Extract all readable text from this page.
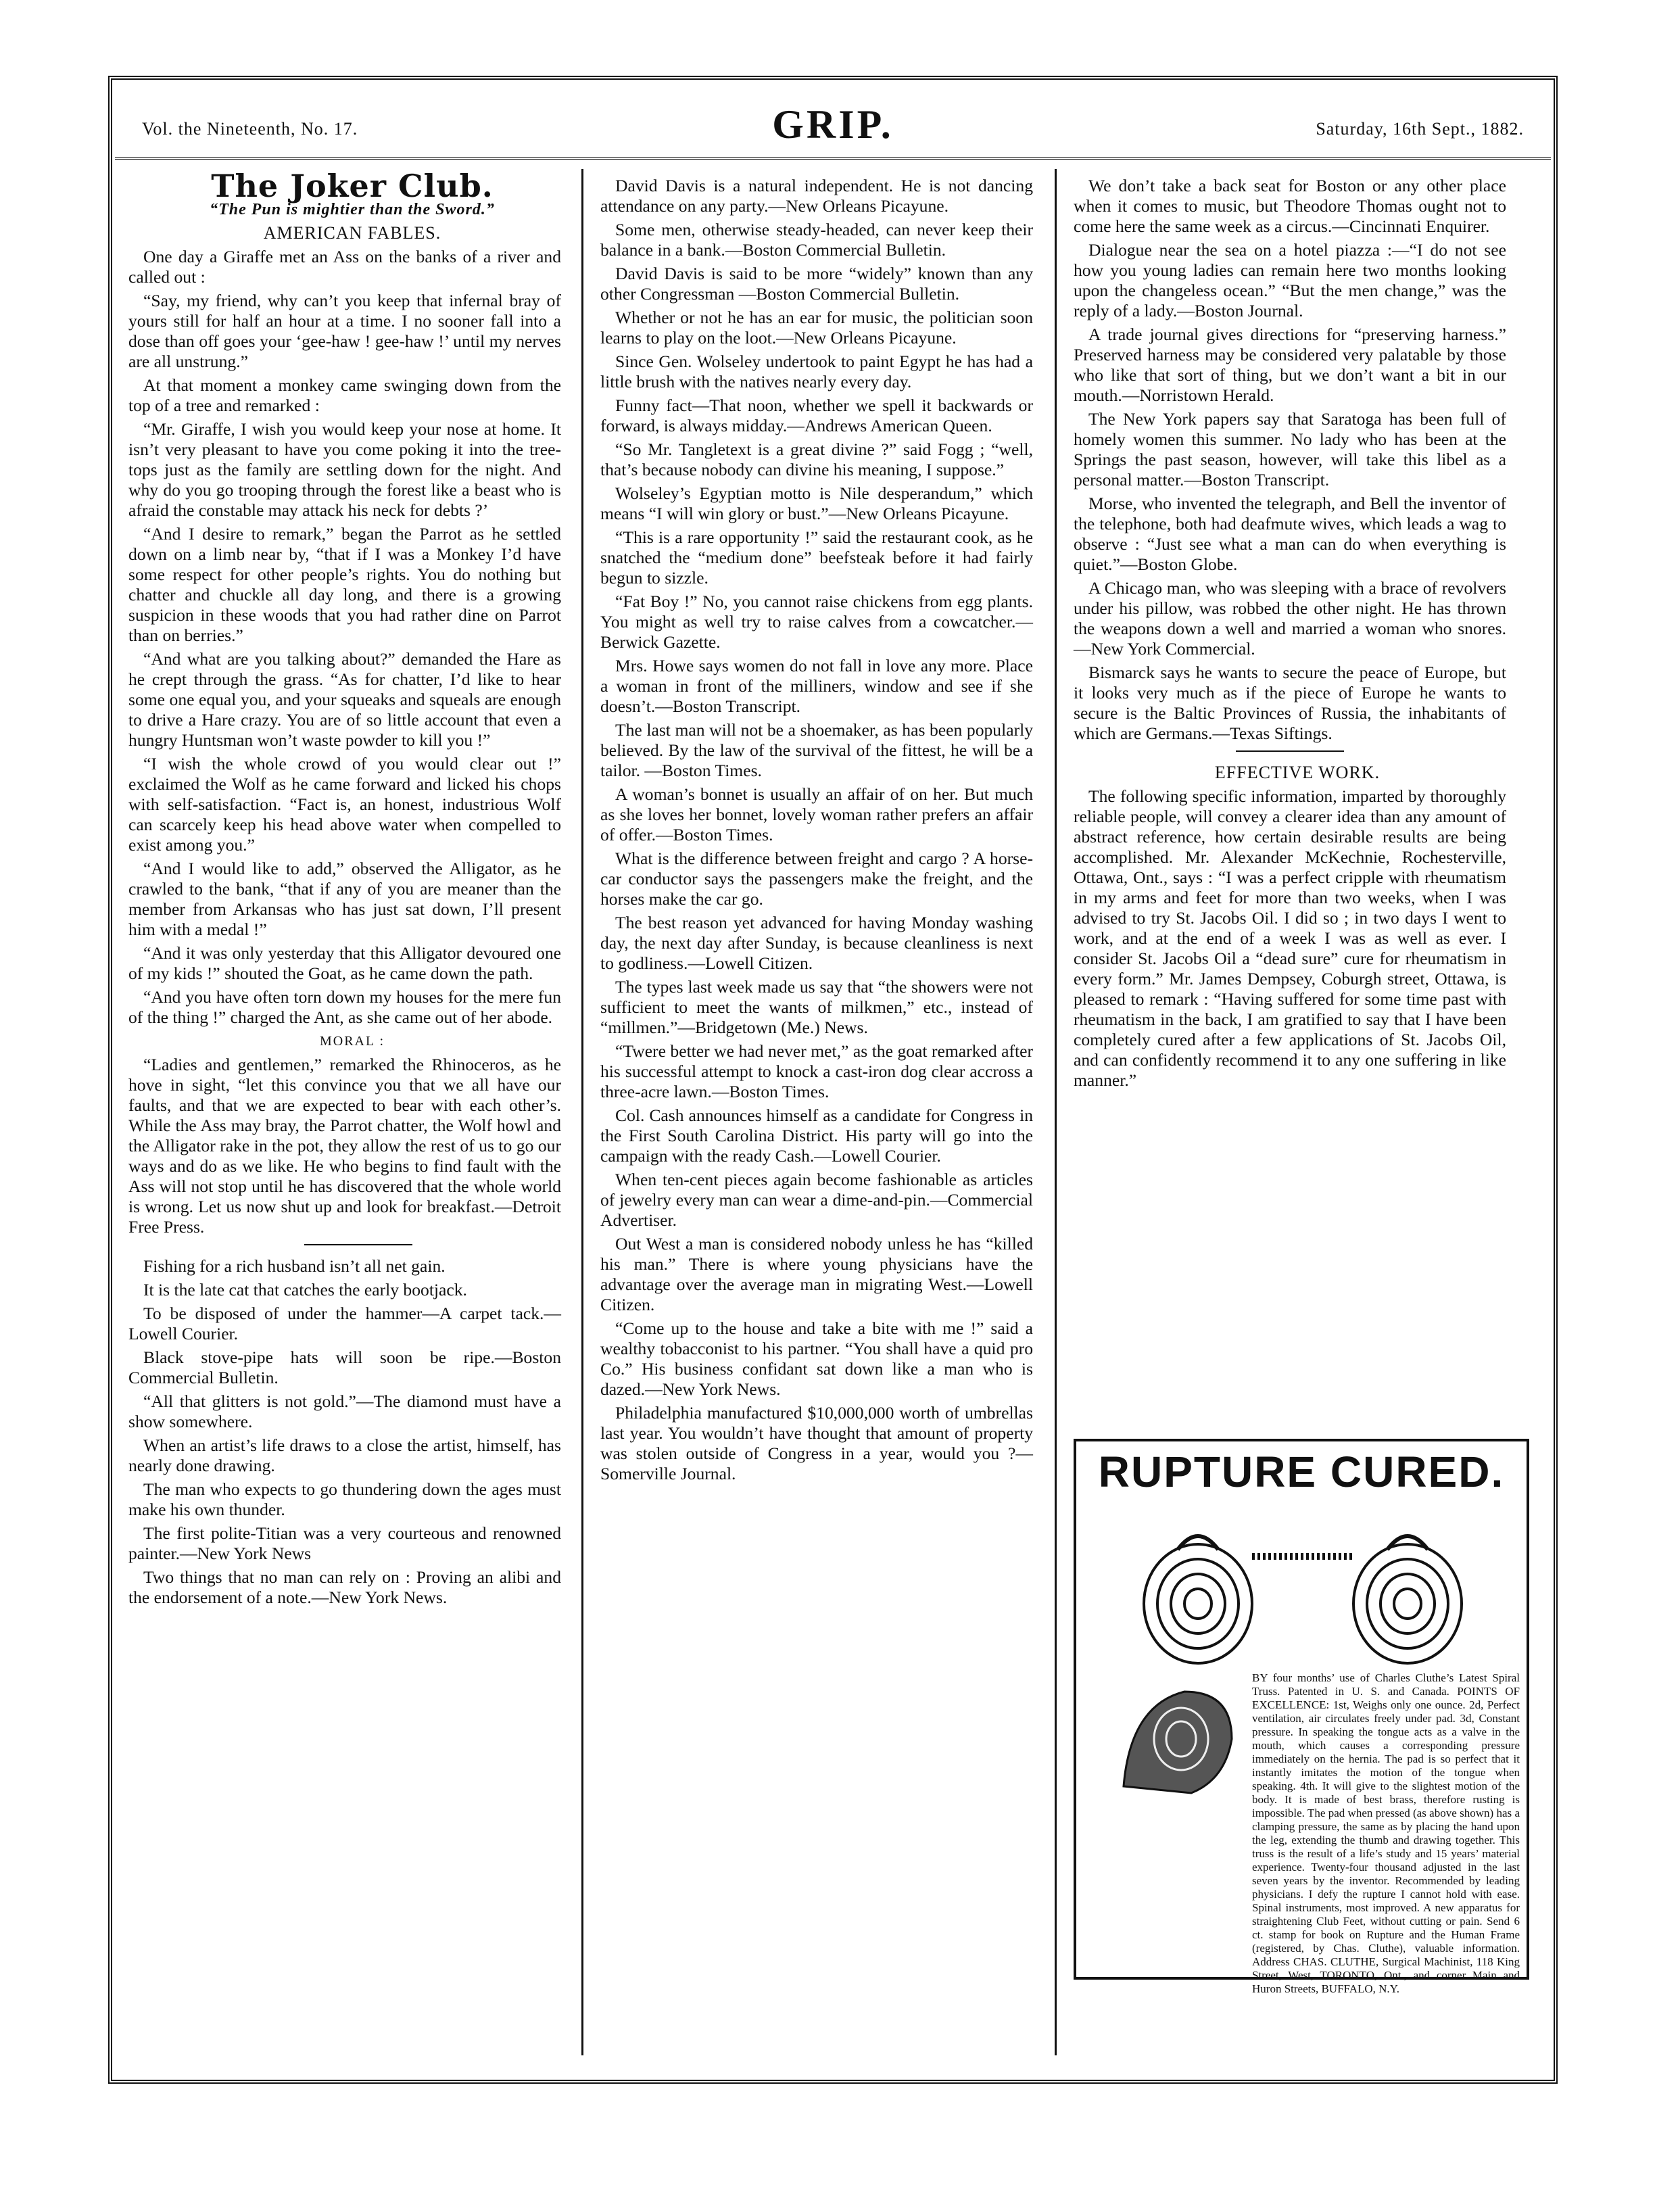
Vol. the Nineteenth, No. 17.	GRIP.	Saturday, 16th Sept., 1882.

The Joker Club.

“The Pun is mightier than the Sword.”

AMERICAN FABLES.

One day a Giraffe met an Ass on the banks of a river and called out :

“Say, my friend, why can’t you keep that infernal bray of yours still for half an hour at a time. I no sooner fall into a dose than off goes your ‘gee-haw ! gee-haw !’ until my nerves are all unstrung.”

At that moment a monkey came swinging down from the top of a tree and remarked :

“Mr. Giraffe, I wish you would keep your nose at home. It isn’t very pleasant to have you come poking it into the tree-tops just as the family are settling down for the night. And why do you go trooping through the forest like a beast who is afraid the constable may attack his neck for debts ?’

“And I desire to remark,” began the Parrot as he settled down on a limb near by, “that if I was a Monkey I’d have some respect for other people’s rights. You do nothing but chatter and chuckle all day long, and there is a growing suspicion in these woods that you had rather dine on Parrot than on berries.”

“And what are you talking about?” demanded the Hare as he crept through the grass. “As for chatter, I’d like to hear some one equal you, and your squeaks and squeals are enough to drive a Hare crazy. You are of so little account that even a hungry Huntsman won’t waste powder to kill you !”

“I wish the whole crowd of you would clear out !” exclaimed the Wolf as he came forward and licked his chops with self-satisfaction. “Fact is, an honest, industrious Wolf can scarcely keep his head above water when compelled to exist among you.”

“And I would like to add,” observed the Alligator, as he crawled to the bank, “that if any of you are meaner than the member from Arkansas who has just sat down, I’ll present him with a medal !”

“And it was only yesterday that this Alligator devoured one of my kids !” shouted the Goat, as he came down the path.

“And you have often torn down my houses for the mere fun of the thing !” charged the Ant, as she came out of her abode.

MORAL :

“Ladies and gentlemen,” remarked the Rhinoceros, as he hove in sight, “let this convince you that we all have our faults, and that we are expected to bear with each other’s. While the Ass may bray, the Parrot chatter, the Wolf howl and the Alligator rake in the pot, they allow the rest of us to go our ways and do as we like. He who begins to find fault with the Ass will not stop until he has discovered that the whole world is wrong. Let us now shut up and look for breakfast.—Detroit Free Press.

Fishing for a rich husband isn’t all net gain.

It is the late cat that catches the early bootjack.

To be disposed of under the hammer—A carpet tack.—Lowell Courier.

Black stove-pipe hats will soon be ripe.—Boston Commercial Bulletin.

“All that glitters is not gold.”—The diamond must have a show somewhere.

When an artist’s life draws to a close the artist, himself, has nearly done drawing.

The man who expects to go thundering down the ages must make his own thunder.

The first polite-Titian was a very courteous and renowned painter.—New York News

Two things that no man can rely on : Proving an alibi and the endorsement of a note.—New York News.

David Davis is a natural independent. He is not dancing attendance on any party.—New Orleans Picayune.

Some men, otherwise steady-headed, can never keep their balance in a bank.—Boston Commercial Bulletin.

David Davis is said to be more “widely” known than any other Congressman —Boston Commercial Bulletin.

Whether or not he has an ear for music, the politician soon learns to play on the loot.—New Orleans Picayune.

Since Gen. Wolseley undertook to paint Egypt he has had a little brush with the natives nearly every day.

Funny fact—That noon, whether we spell it backwards or forward, is always midday.—Andrews American Queen.

“So Mr. Tangletext is a great divine ?” said Fogg ; “well, that’s because nobody can divine his meaning, I suppose.”

Wolseley’s Egyptian motto is Nile desperandum,” which means “I will win glory or bust.”—New Orleans Picayune.

“This is a rare opportunity !” said the restaurant cook, as he snatched the “medium done” beefsteak before it had fairly begun to sizzle.

“Fat Boy !” No, you cannot raise chickens from egg plants. You might as well try to raise calves from a cowcatcher.—Berwick Gazette.

Mrs. Howe says women do not fall in love any more. Place a woman in front of the milliners, window and see if she doesn’t.—Boston Transcript.

The last man will not be a shoemaker, as has been popularly believed. By the law of the survival of the fittest, he will be a tailor. —Boston Times.

A woman’s bonnet is usually an affair of on her. But much as she loves her bonnet, lovely woman rather prefers an affair of offer.—Boston Times.

What is the difference between freight and cargo ? A horse-car conductor says the passengers make the freight, and the horses make the car go.

The best reason yet advanced for having Monday washing day, the next day after Sunday, is because cleanliness is next to godliness.—Lowell Citizen.

The types last week made us say that “the showers were not sufficient to meet the wants of milkmen,” etc., instead of “millmen.”—Bridgetown (Me.) News.

“Twere better we had never met,” as the goat remarked after his successful attempt to knock a cast-iron dog clear accross a three-acre lawn.—Boston Times.

Col. Cash announces himself as a candidate for Congress in the First South Carolina District. His party will go into the campaign with the ready Cash.—Lowell Courier.

When ten-cent pieces again become fashionable as articles of jewelry every man can wear a dime-and-pin.—Commercial Advertiser.

Out West a man is considered nobody unless he has “killed his man.” There is where young physicians have the advantage over the average man in migrating West.—Lowell Citizen.

“Come up to the house and take a bite with me !” said a wealthy tobacconist to his partner. “You shall have a quid pro Co.” His business confidant sat down like a man who is dazed.—New York News.

Philadelphia manufactured $10,000,000 worth of umbrellas last year. You wouldn’t have thought that amount of property was stolen outside of Congress in a year, would you ?—Somerville Journal.

We don’t take a back seat for Boston or any other place when it comes to music, but Theodore Thomas ought not to come here the same week as a circus.—Cincinnati Enquirer.

Dialogue near the sea on a hotel piazza :—“I do not see how you young ladies can remain here two months looking upon the changeless ocean.” “But the men change,” was the reply of a lady.—Boston Journal.

A trade journal gives directions for “preserving harness.” Preserved harness may be considered very palatable by those who like that sort of thing, but we don’t want a bit in our mouth.—Norristown Herald.

The New York papers say that Saratoga has been full of homely women this summer. No lady who has been at the Springs the past season, however, will take this libel as a personal matter.—Boston Transcript.

Morse, who invented the telegraph, and Bell the inventor of the telephone, both had deafmute wives, which leads a wag to observe : “Just see what a man can do when everything is quiet.”—Boston Globe.

A Chicago man, who was sleeping with a brace of revolvers under his pillow, was robbed the other night. He has thrown the weapons down a well and married a woman who snores.—New York Commercial.

Bismarck says he wants to secure the peace of Europe, but it looks very much as if the piece of Europe he wants to secure is the Baltic Provinces of Russia, the inhabitants of which are Germans.—Texas Siftings.

EFFECTIVE WORK.

The following specific information, imparted by thoroughly reliable people, will convey a clearer idea than any amount of abstract reference, how certain desirable results are being accomplished. Mr. Alexander McKechnie, Rochesterville, Ottawa, Ont., says : “I was a perfect cripple with rheumatism in my arms and feet for more than two weeks, when I was advised to try St. Jacobs Oil. I did so ; in two days I went to work, and at the end of a week I was as well as ever. I consider St. Jacobs Oil a “dead sure” cure for rheumatism in every form.” Mr. James Dempsey, Coburgh street, Ottawa, is pleased to remark : “Having suffered for some time past with rheumatism in the back, I am gratified to say that I have been completely cured after a few applications of St. Jacobs Oil, and can confidently recommend it to any one suffering in like manner.”

RUPTURE CURED.

BY four months’ use of Charles Cluthe’s Latest Spiral Truss. Patented in U. S. and Canada. POINTS OF EXCELLENCE: 1st, Weighs only one ounce. 2d, Perfect ventilation, air circulates freely under pad. 3d, Constant pressure. In speaking the tongue acts as a valve in the mouth, which causes a corresponding pressure immediately on the hernia. The pad is so perfect that it instantly imitates the motion of the tongue when speaking. 4th. It will give to the slightest motion of the body. It is made of best brass, therefore rusting is impossible. The pad when pressed (as above shown) has a clamping pressure, the same as by placing the hand upon the leg, extending the thumb and drawing together. This truss is the result of a life’s study and 15 years’ material experience. Twenty-four thousand adjusted in the last seven years by the inventor. Recommended by leading physicians. I defy the rupture I cannot hold with ease. Spinal instruments, most improved. A new apparatus for straightening Club Feet, without cutting or pain. Send 6 ct. stamp for book on Rupture and the Human Frame (registered, by Chas. Cluthe), valuable information. Address CHAS. CLUTHE, Surgical Machinist, 118 King Street, West, TORONTO, Ont., and corner Main and Huron Streets, BUFFALO, N.Y.
